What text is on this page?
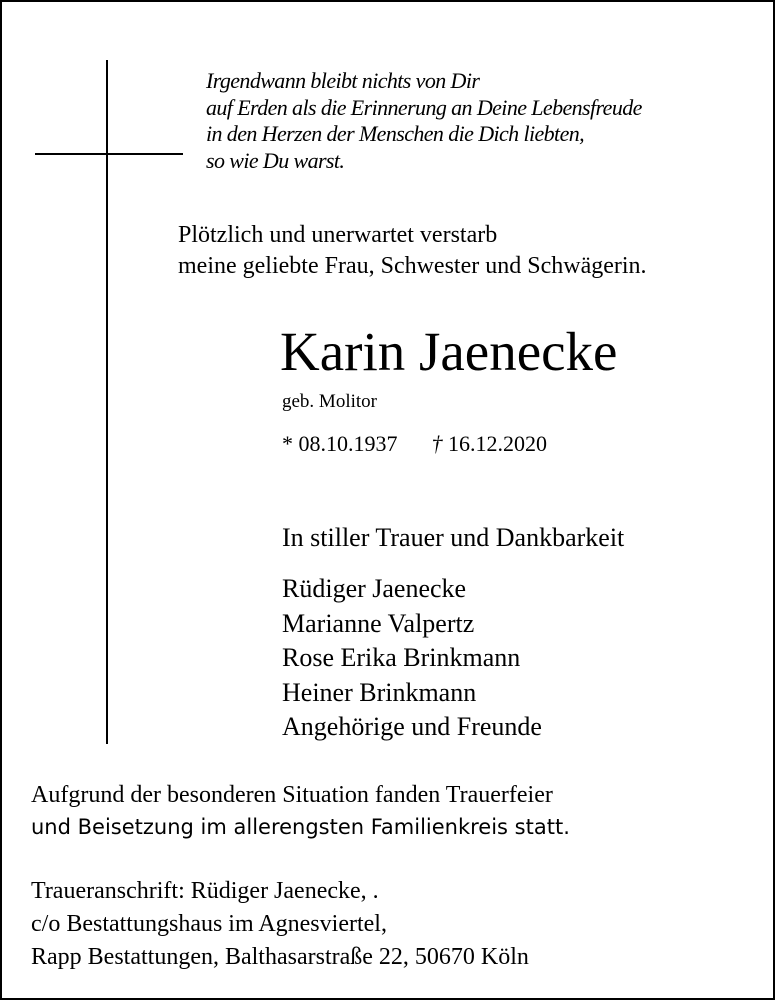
Irgendwann bleibt nichts von Dir
auf Erden als die Erinnerung an Deine Lebensfreude
in den Herzen der Menschen die Dich liebten,
so wie Du warst.
Plötzlich und unerwartet verstarb
meine geliebte Frau, Schwester und Schwägerin.
Karin Jaenecke
geb. Molitor
* 08.10.1937 † 16.12.2020
In stiller Trauer und Dankbarkeit
Rüdiger Jaenecke
Marianne Valpertz
Rose Erika Brinkmann
Heiner Brinkmann
Angehörige und Freunde
Aufgrund der besonderen Situation fanden Trauerfeier
und Beisetzung im allerengsten Familienkreis statt.
Traueranschrift: Rüdiger Jaenecke, .
c/o Bestattungshaus im Agnesviertel,
Rapp Bestattungen, Balthasarstraße 22, 50670 Köln
